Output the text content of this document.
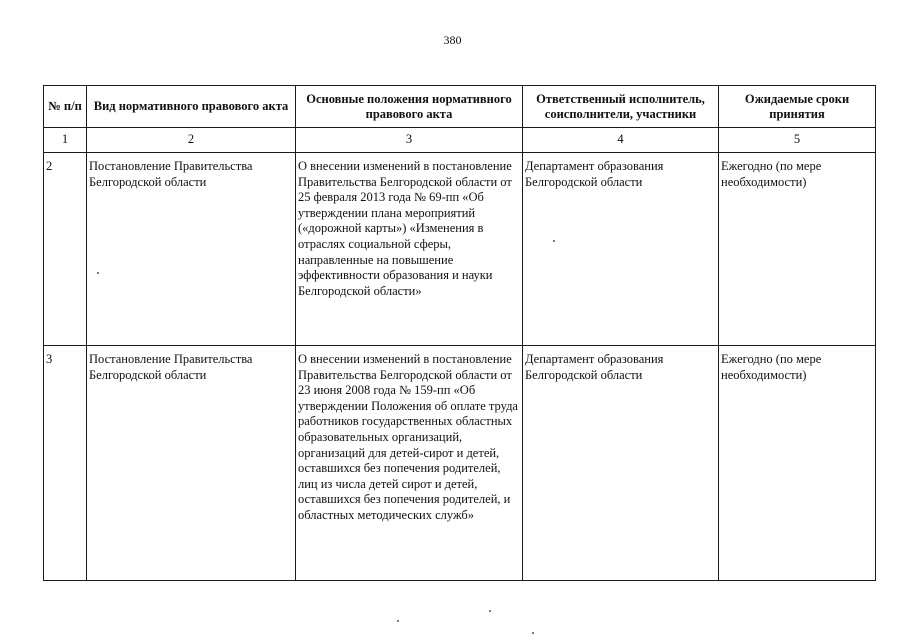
380
№ п/п	Вид нормативного правового акта	Основные положения нормативного правового акта	Ответственный исполнитель, соисполнители, участники	Ожидаемые сроки принятия
1	2	3	4	5
2	Постановление Правительства Белгородской области	О внесении изменений в постановление Правительства Белгородской области от 25 февраля 2013 года № 69-пп «Об утверждении плана мероприятий («дорожной карты») «Изменения в отраслях социальной сферы, направленные на повышение эффективности образования и науки Белгородской области»	Департамент образования Белгородской области	Ежегодно (по мере необходимости)
3	Постановление Правительства Белгородской области	О внесении изменений в постановление Правительства Белгородской области от 23 июня 2008 года № 159-пп «Об утверждении Положения об оплате труда работников государственных областных образовательных организаций, организаций для детей-сирот и детей, оставшихся без попечения родителей, лиц из числа детей сирот и детей, оставшихся без попечения родителей, и областных методических служб»	Департамент образования Белгородской области	Ежегодно (по мере необходимости)
